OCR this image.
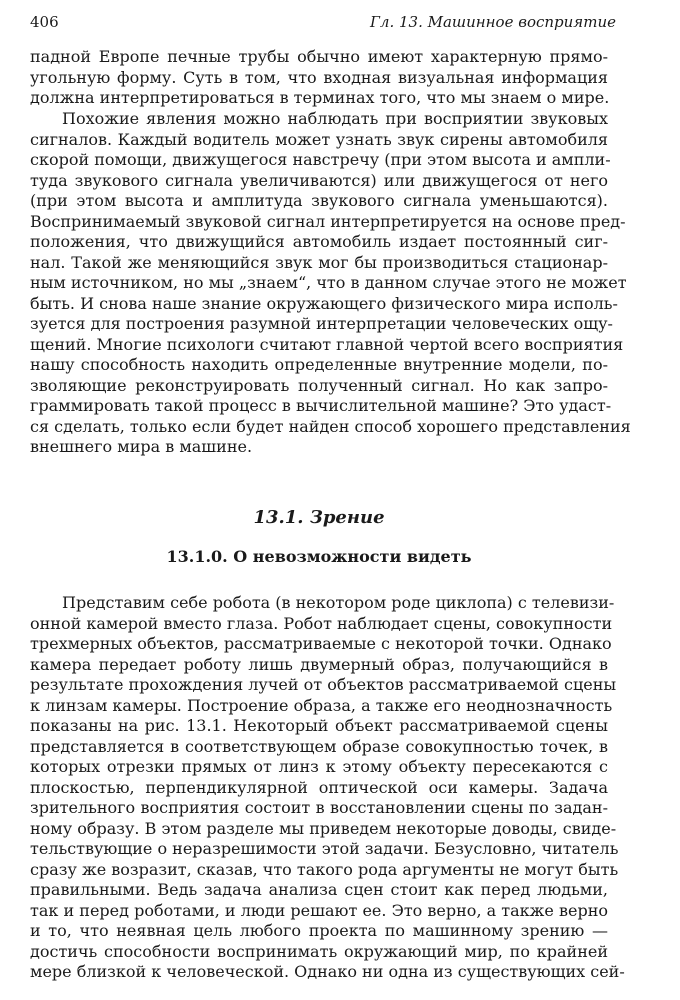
406	Гл. 13. Машинное восприятие

падной Европе печные трубы обычно имеют характерную прямо-
угольную форму. Суть в том, что входная визуальная информация
должна интерпретироваться в терминах того, что мы знаем о мире.

Похожие явления можно наблюдать при восприятии звуковых
сигналов. Каждый водитель может узнать звук сирены автомобиля
скорой помощи, движущегося навстречу (при этом высота и ампли-
туда звукового сигнала увеличиваются) или движущегося от него
(при этом высота и амплитуда звукового сигнала уменьшаются).
Воспринимаемый звуковой сигнал интерпретируется на основе пред-
положения, что движущийся автомобиль издает постоянный сиг-
нал. Такой же меняющийся звук мог бы производиться стационар-
ным источником, но мы „знаем“, что в данном случае этого не может
быть. И снова наше знание окружающего физического мира исполь-
зуется для построения разумной интерпретации человеческих ощу-
щений. Многие психологи считают главной чертой всего восприятия
нашу способность находить определенные внутренние модели, по-
зволяющие реконструировать полученный сигнал. Но как запро-
граммировать такой процесс в вычислительной машине? Это удаст-
ся сделать, только если будет найден способ хорошего представления
внешнего мира в машине.

13.1. Зрение
13.1.0. О невозможности видеть

Представим себе робота (в некотором роде циклопа) с телевизи-
онной камерой вместо глаза. Робот наблюдает сцены, совокупности
трехмерных объектов, рассматриваемые с некоторой точки. Однако
камера передает роботу лишь двумерный образ, получающийся в
результате прохождения лучей от объектов рассматриваемой сцены
к линзам камеры. Построение образа, а также его неоднозначность
показаны на рис. 13.1. Некоторый объект рассматриваемой сцены
представляется в соответствующем образе совокупностью точек, в
которых отрезки прямых от линз к этому объекту пересекаются с
плоскостью, перпендикулярной оптической оси камеры. Задача
зрительного восприятия состоит в восстановлении сцены по задан-
ному образу. В этом разделе мы приведем некоторые доводы, свиде-
тельствующие о неразрешимости этой задачи. Безусловно, читатель
сразу же возразит, сказав, что такого рода аргументы не могут быть
правильными. Ведь задача анализа сцен стоит как перед людьми,
так и перед роботами, и люди решают ее. Это верно, а также верно
и то, что неявная цель любого проекта по машинному зрению —
достичь способности воспринимать окружающий мир, по крайней
мере близкой к человеческой. Однако ни одна из существующих сей-
